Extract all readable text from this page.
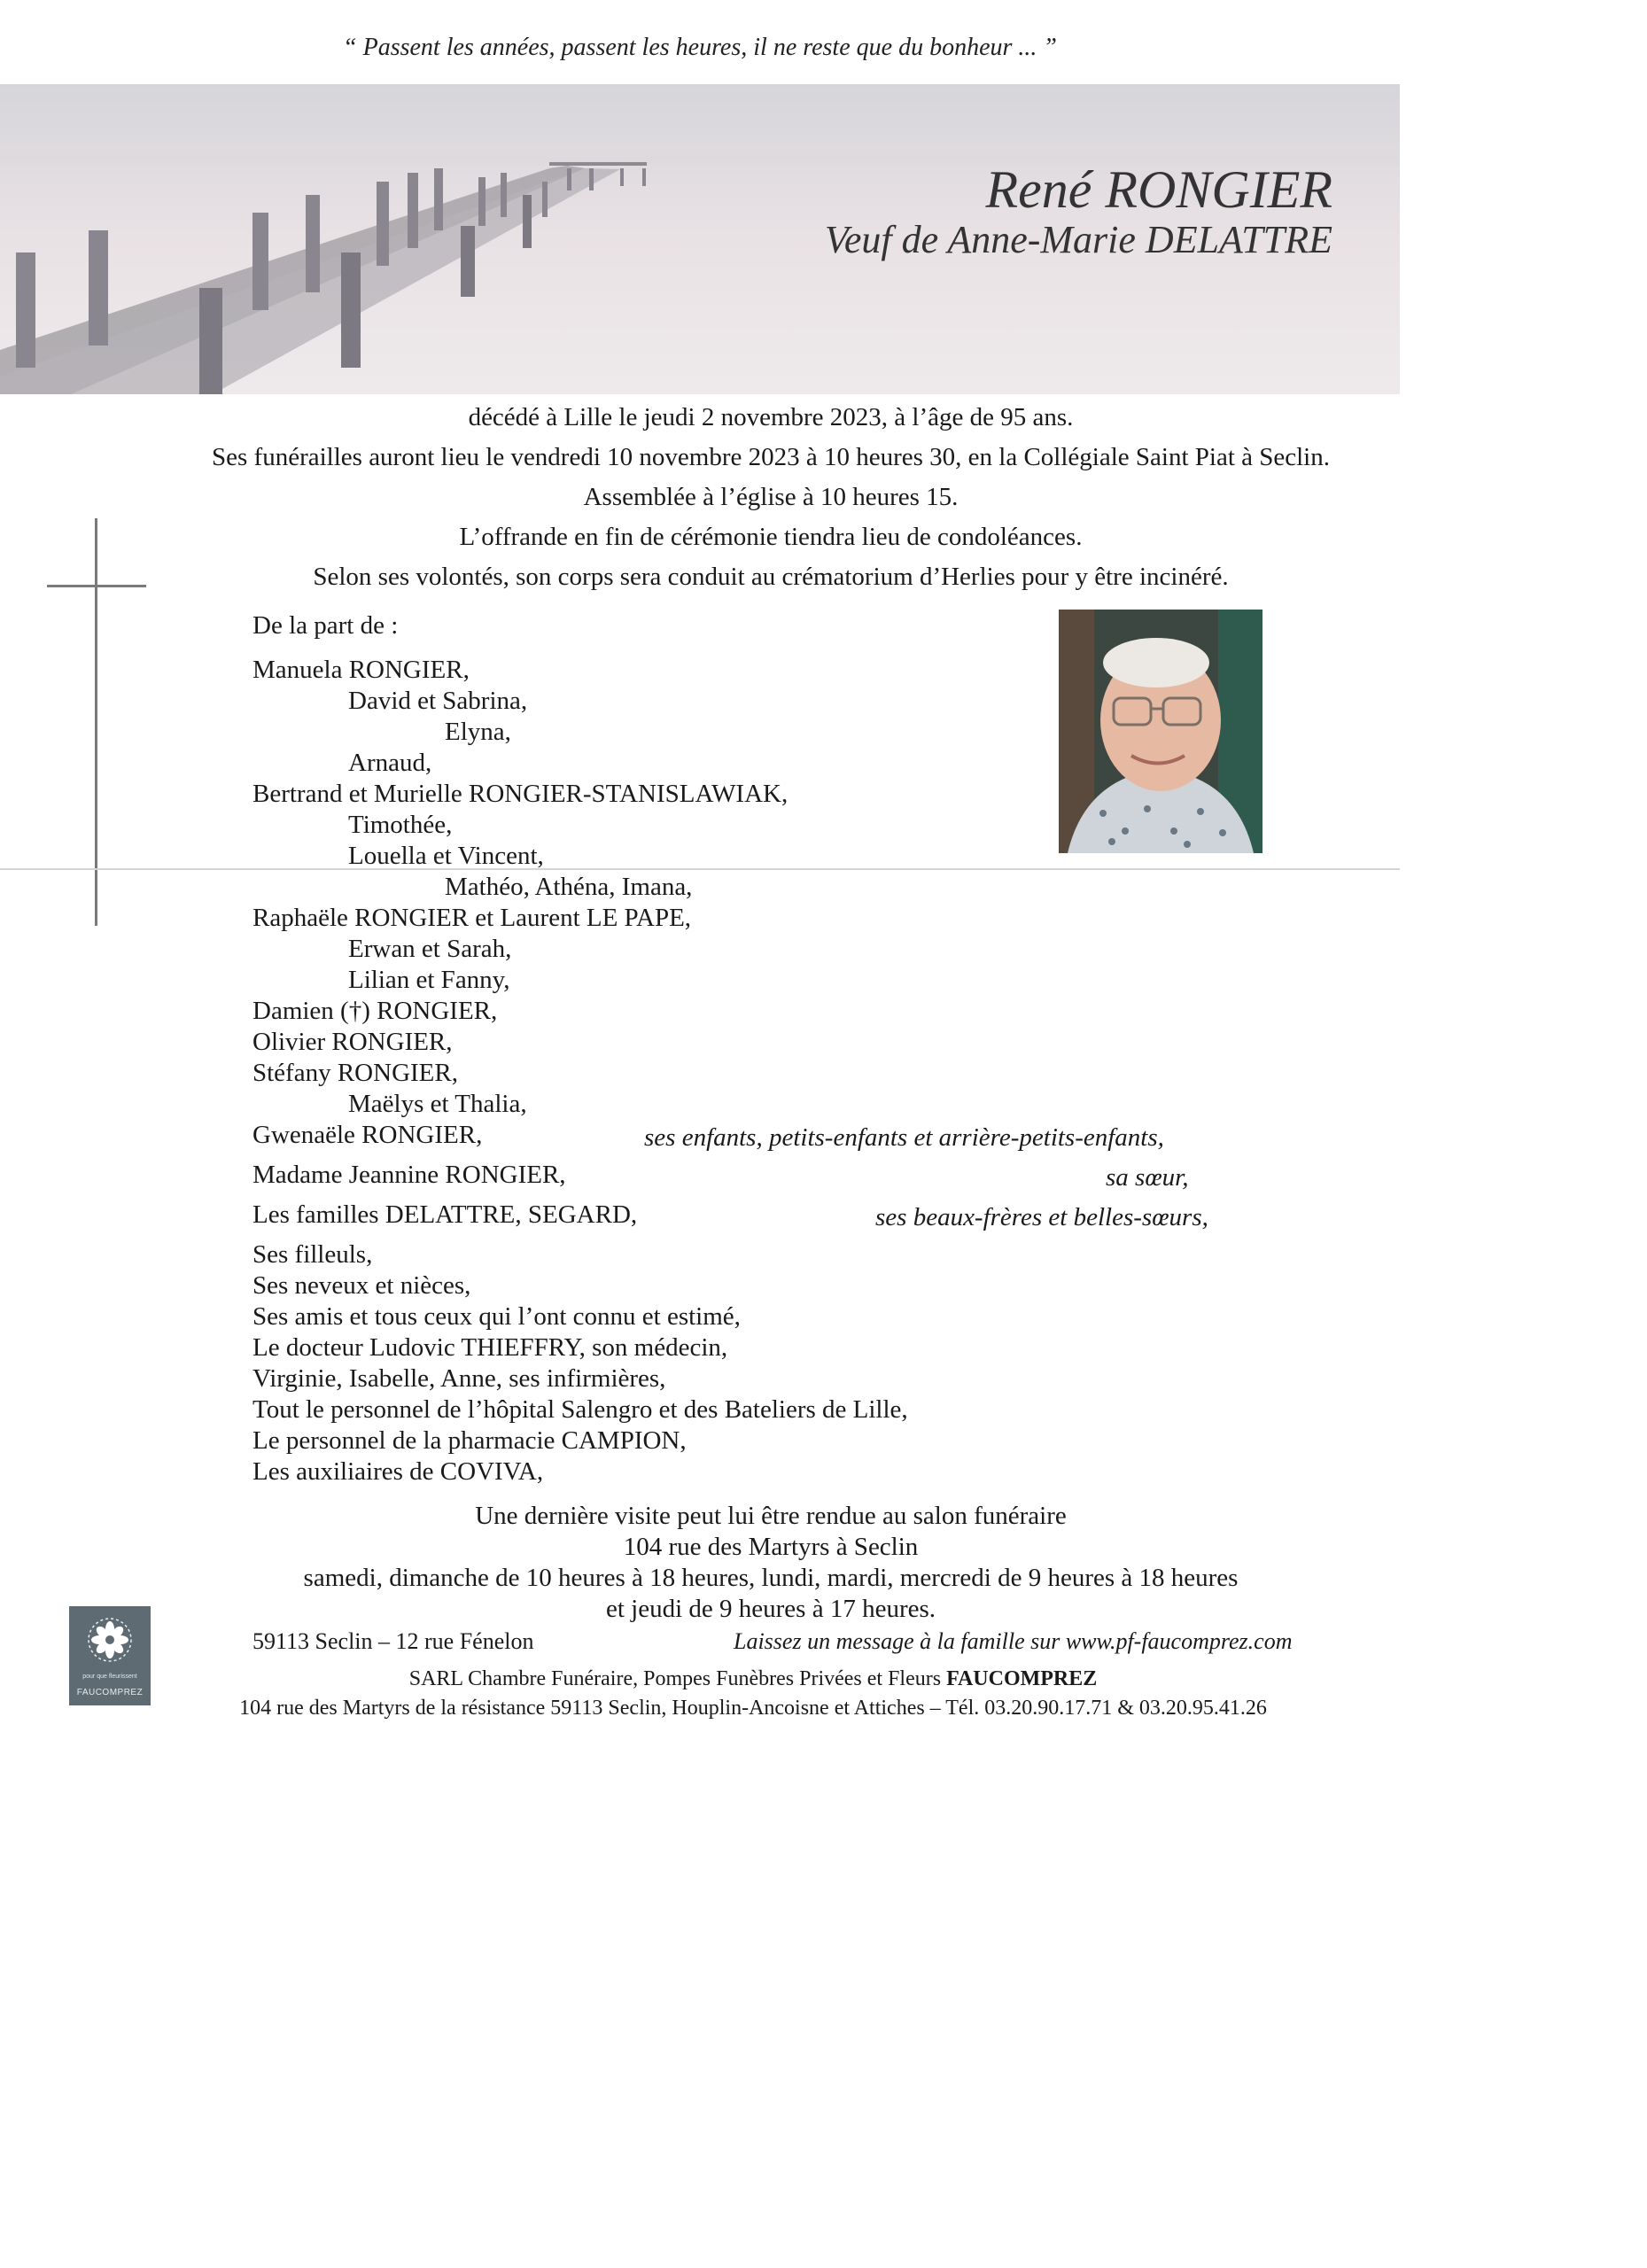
“ Passent les années, passent les heures, il ne reste que du bonheur ... ”
René RONGIER
Veuf de Anne-Marie DELATTRE
décédé à Lille le jeudi 2 novembre 2023, à l’âge de 95 ans.
Ses funérailles auront lieu le vendredi 10 novembre 2023 à 10 heures 30, en la Collégiale Saint Piat à Seclin.
Assemblée à l’église à 10 heures 15.
L’offrande en fin de cérémonie tiendra lieu de condoléances.
Selon ses volontés, son corps sera conduit au crématorium d’Herlies pour y être incinéré.
De la part de :
Manuela RONGIER,
David et Sabrina,
Elyna,
Arnaud,
Bertrand et Murielle RONGIER-STANISLAWIAK,
Timothée,
Louella et Vincent,
Mathéo, Athéna, Imana,
Raphaële RONGIER et Laurent LE PAPE,
Erwan et Sarah,
Lilian et Fanny,
Damien (†) RONGIER,
Olivier RONGIER,
Stéfany RONGIER,
Maëlys et Thalia,
Gwenaële RONGIER,	ses enfants, petits-enfants et arrière-petits-enfants,
Madame Jeannine RONGIER,	sa sœur,
Les familles DELATTRE, SEGARD,	ses beaux-frères et belles-sœurs,
Ses filleuls,
Ses neveux et nièces,
Ses amis et tous ceux qui l’ont connu et estimé,
Le docteur Ludovic THIEFFRY, son médecin,
Virginie, Isabelle, Anne, ses infirmières,
Tout le personnel de l’hôpital Salengro et des Bateliers de Lille,
Le personnel de la pharmacie CAMPION,
Les auxiliaires de COVIVA,
Une dernière visite peut lui être rendue au salon funéraire
104 rue des Martyrs à Seclin
samedi, dimanche de 10 heures à 18 heures, lundi, mardi, mercredi de 9 heures à 18 heures
et jeudi de 9 heures à 17 heures.
pour que fleurissent
FAUCOMPREZ
59113 Seclin – 12 rue Fénelon	Laissez un message à la famille sur www.pf-faucomprez.com
SARL Chambre Funéraire, Pompes Funèbres Privées et Fleurs FAUCOMPREZ
104 rue des Martyrs de la résistance 59113 Seclin, Houplin-Ancoisne et Attiches – Tél. 03.20.90.17.71 & 03.20.95.41.26
